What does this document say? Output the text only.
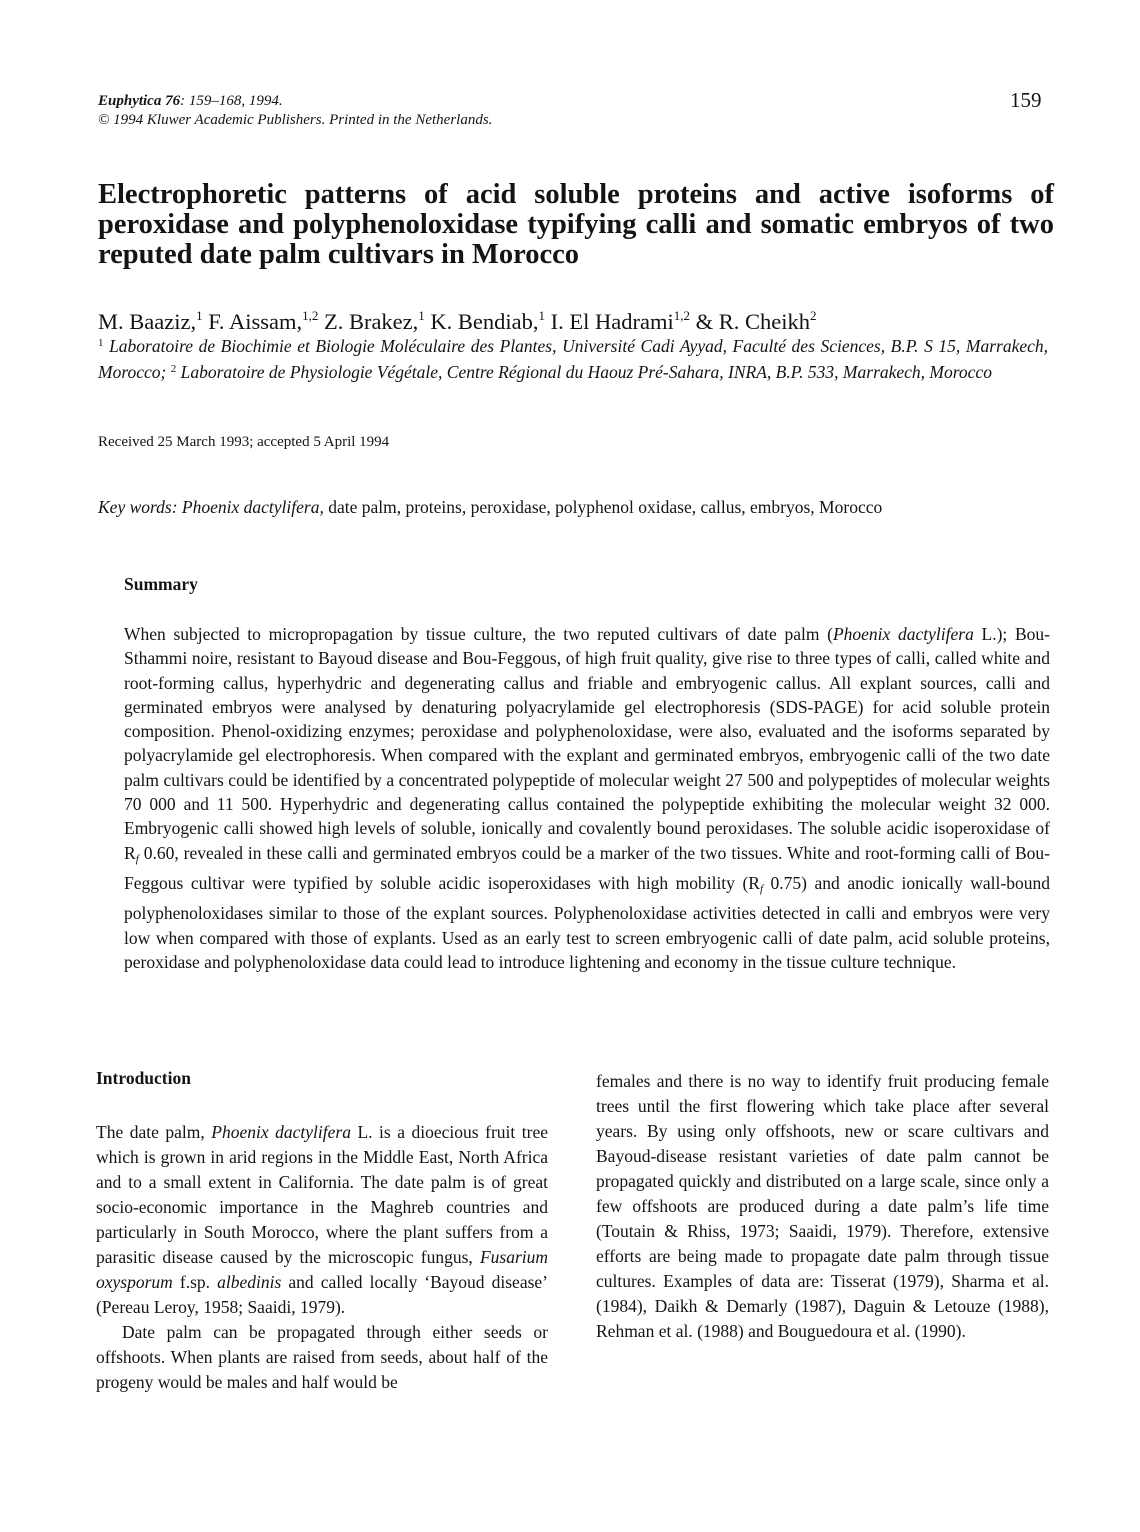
Euphytica 76: 159–168, 1994.
© 1994 Kluwer Academic Publishers. Printed in the Netherlands.
159
Electrophoretic patterns of acid soluble proteins and active isoforms of peroxidase and polyphenoloxidase typifying calli and somatic embryos of two reputed date palm cultivars in Morocco

M. Baaziz,$^1$ F. Aissam,$^{1,2}$ Z. Brakez,$^1$ K. Bendiab,$^1$ I. El Hadrami$^{1,2}$ & R. Cheikh$^2$

$^1$ Laboratoire de Biochimie et Biologie Moléculaire des Plantes, Université Cadi Ayyad, Faculté des Sciences, B.P. S 15, Marrakech, Morocco; $^2$ Laboratoire de Physiologie Végétale, Centre Régional du Haouz Pré-Sahara, INRA, B.P. 533, Marrakech, Morocco

Received 25 March 1993; accepted 5 April 1994
Key words: Phoenix dactylifera, date palm, proteins, peroxidase, polyphenol oxidase, callus, embryos, Morocco
Summary

When subjected to micropropagation by tissue culture, the two reputed cultivars of date palm (Phoenix dactylifera L.); Bou-Sthammi noire, resistant to Bayoud disease and Bou-Feggous, of high fruit quality, give rise to three types of calli, called white and root-forming callus, hyperhydric and degenerating callus and friable and embryogenic callus. All explant sources, calli and germinated embryos were analysed by denaturing polyacrylamide gel electrophoresis (SDS-PAGE) for acid soluble protein composition. Phenol-oxidizing enzymes; peroxidase and polyphenoloxidase, were also, evaluated and the isoforms separated by polyacrylamide gel electrophoresis. When compared with the explant and germinated embryos, embryogenic calli of the two date palm cultivars could be identified by a concentrated polypeptide of molecular weight 27 500 and polypeptides of molecular weights 70 000 and 11 500. Hyperhydric and degenerating callus contained the polypeptide exhibiting the molecular weight 32 000. Embryogenic calli showed high levels of soluble, ionically and covalently bound peroxidases. The soluble acidic isoperoxidase of $R_f$ 0.60, revealed in these calli and germinated embryos could be a marker of the two tissues. White and root-forming calli of Bou-Feggous cultivar were typified by soluble acidic isoperoxidases with high mobility ($R_f$ 0.75) and anodic ionically wall-bound polyphenoloxidases similar to those of the explant sources. Polyphenoloxidase activities detected in calli and embryos were very low when compared with those of explants. Used as an early test to screen embryogenic calli of date palm, acid soluble proteins, peroxidase and polyphenoloxidase data could lead to introduce lightening and economy in the tissue culture technique.

Introduction

The date palm, Phoenix dactylifera L. is a dioecious fruit tree which is grown in arid regions in the Middle East, North Africa and to a small extent in California. The date palm is of great socio-economic importance in the Maghreb countries and particularly in South Morocco, where the plant suffers from a parasitic disease caused by the microscopic fungus, Fusarium oxysporum f.sp. albedinis and called locally ‘Bayoud disease’ (Pereau Leroy, 1958; Saaidi, 1979).

Date palm can be propagated through either seeds or offshoots. When plants are raised from seeds, about half of the progeny would be males and half would be

females and there is no way to identify fruit producing female trees until the first flowering which take place after several years. By using only offshoots, new or scare cultivars and Bayoud-disease resistant varieties of date palm cannot be propagated quickly and distributed on a large scale, since only a few offshoots are produced during a date palm’s life time (Toutain & Rhiss, 1973; Saaidi, 1979). Therefore, extensive efforts are being made to propagate date palm through tissue cultures. Examples of data are: Tisserat (1979), Sharma et al. (1984), Daikh & Demarly (1987), Daguin & Letouze (1988), Rehman et al. (1988) and Bouguedoura et al. (1990).
